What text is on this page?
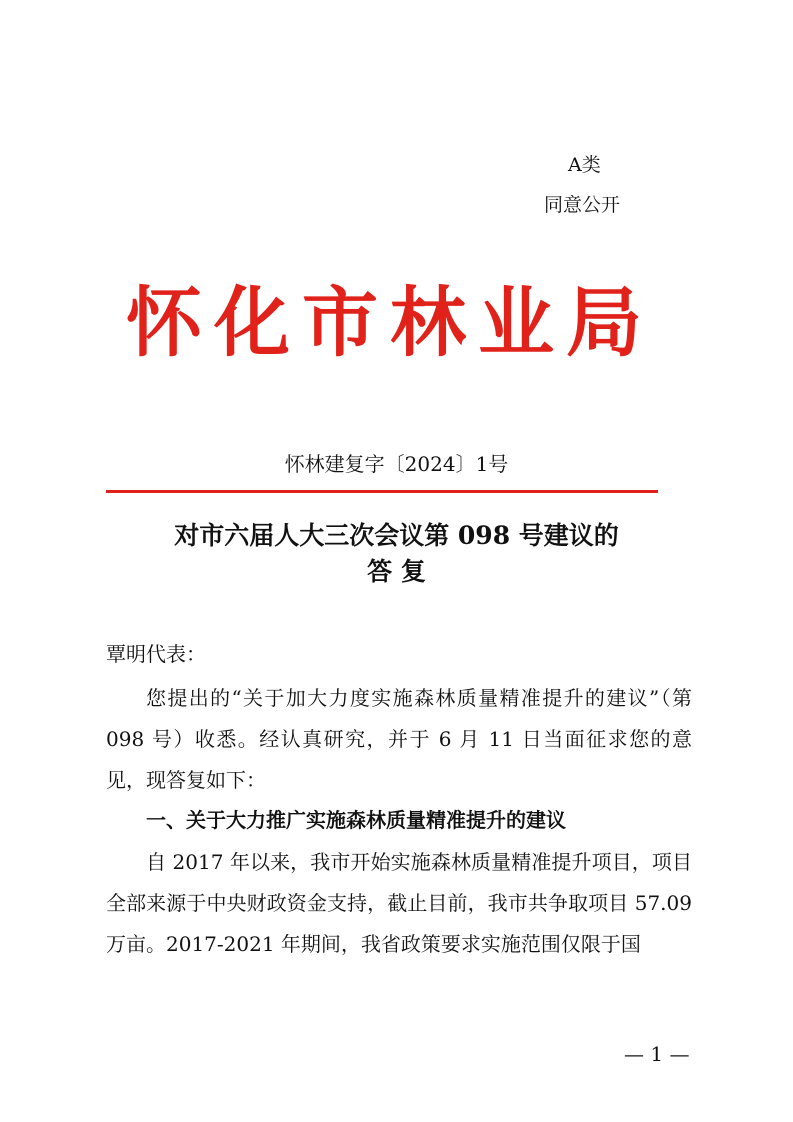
A类
同意公开
怀化市林业局
怀林建复字〔2024〕1号
对市六届人大三次会议第 098 号建议的
答 复
覃明代表：
您提出的“关于加大力度实施森林质量精准提升的建议”（第 098 号）收悉。经认真研究，并于 6 月 11 日当面征求您的意见，现答复如下：
一、关于大力推广实施森林质量精准提升的建议
自 2017 年以来，我市开始实施森林质量精准提升项目，项目全部来源于中央财政资金支持，截止目前，我市共争取项目 57.09 万亩。2017-2021 年期间，我省政策要求实施范围仅限于国
— 1 —
